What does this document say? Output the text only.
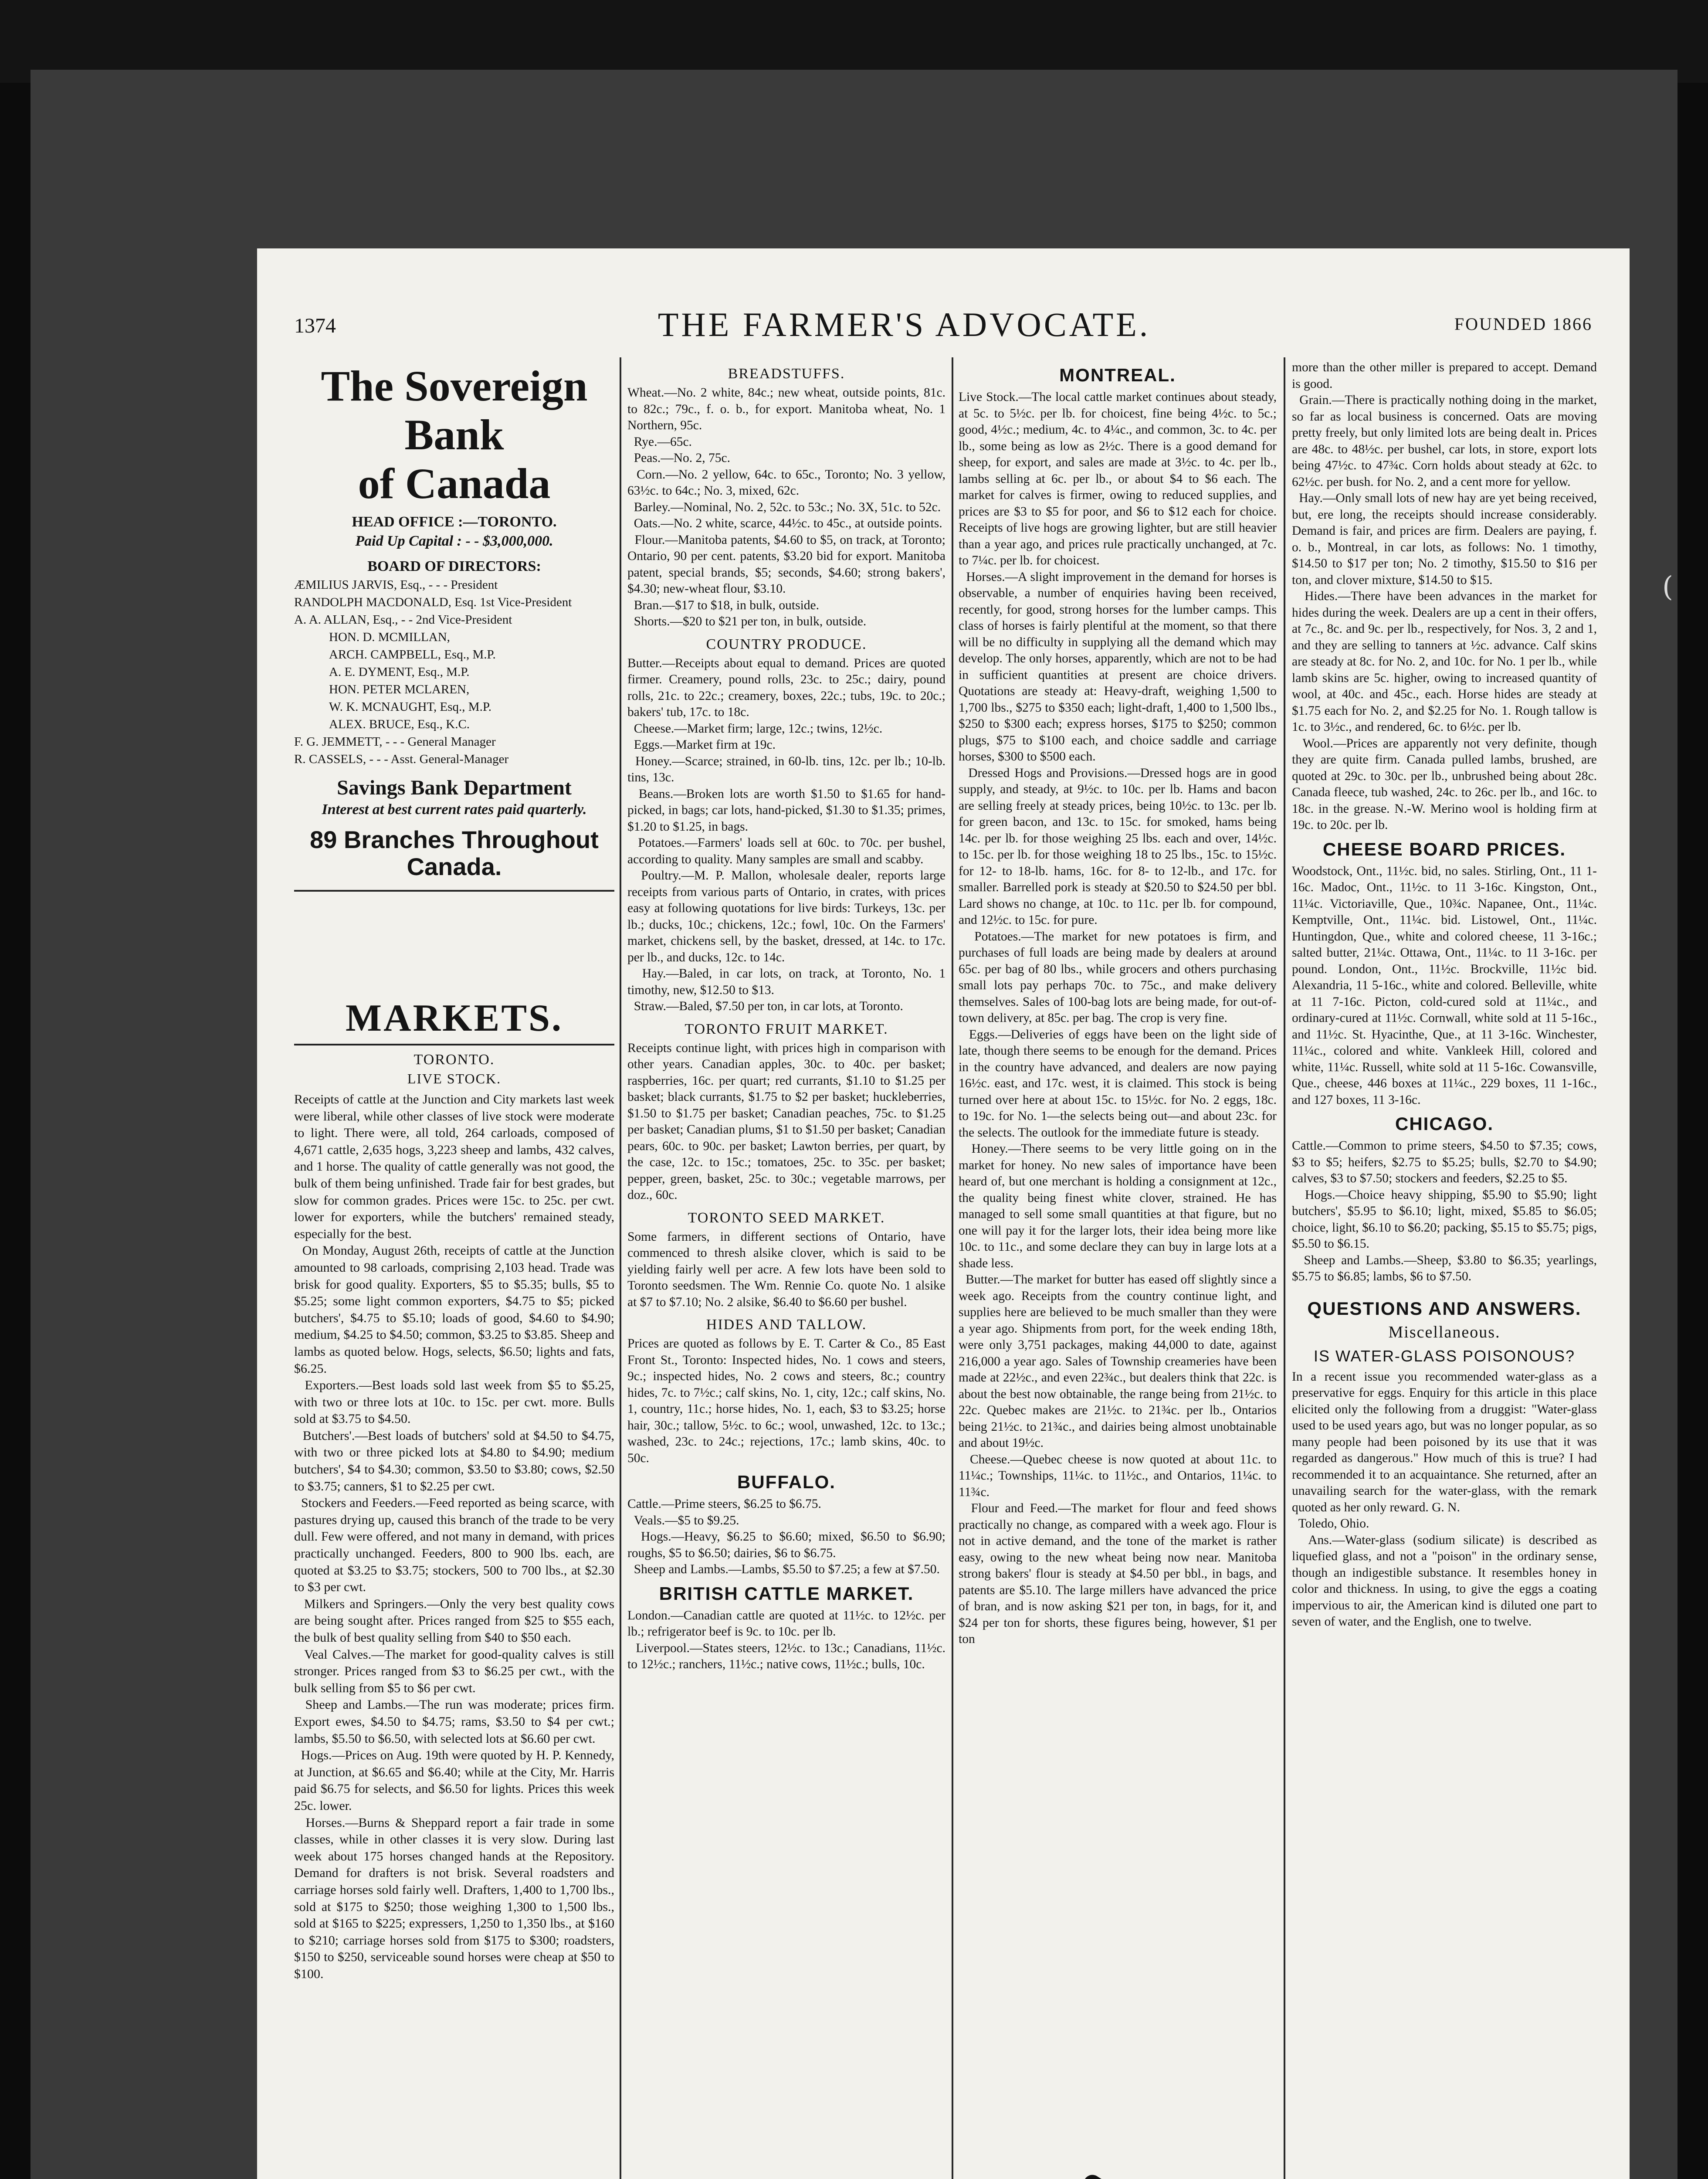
1374	THE FARMER'S ADVOCATE.	FOUNDED 1866
The Sovereign Bank
of Canada
HEAD OFFICE :—TORONTO.
Paid Up Capital : - - $3,000,000.
BOARD OF DIRECTORS:
ÆMILIUS JARVIS, Esq., - - - President
RANDOLPH MACDONALD, Esq. 1st Vice-President
A. A. ALLAN, Esq., - - 2nd Vice-President
HON. D. MCMILLAN,
ARCH. CAMPBELL, Esq., M.P.
A. E. DYMENT, Esq., M.P.
HON. PETER MCLAREN,
W. K. MCNAUGHT, Esq., M.P.
ALEX. BRUCE, Esq., K.C.
F. G. JEMMETT, - - - General Manager
R. CASSELS, - - - Asst. General-Manager
Savings Bank Department
Interest at best current rates paid quarterly.
89 Branches Throughout Canada.
MARKETS.
TORONTO.
LIVE STOCK.

Receipts of cattle at the Junction and City markets last week were liberal, while other classes of live stock were moderate to light. There were, all told, 264 carloads, composed of 4,671 cattle, 2,635 hogs, 3,223 sheep and lambs, 432 calves, and 1 horse. The quality of cattle generally was not good, the bulk of them being unfinished. Trade fair for best grades, but slow for common grades. Prices were 15c. to 25c. per cwt. lower for exporters, while the butchers' remained steady, especially for the best.
On Monday, August 26th, receipts of cattle at the Junction amounted to 98 carloads, comprising 2,103 head. Trade was brisk for good quality. Exporters, $5 to $5.35; bulls, $5 to $5.25; some light common exporters, $4.75 to $5; picked butchers', $4.75 to $5.10; loads of good, $4.60 to $4.90; medium, $4.25 to $4.50; common, $3.25 to $3.85. Sheep and lambs as quoted below. Hogs, selects, $6.50; lights and fats, $6.25.
Exporters.—Best loads sold last week from $5 to $5.25, with two or three lots at 10c. to 15c. per cwt. more. Bulls sold at $3.75 to $4.50.
Butchers'.—Best loads of butchers' sold at $4.50 to $4.75, with two or three picked lots at $4.80 to $4.90; medium butchers', $4 to $4.30; common, $3.50 to $3.80; cows, $2.50 to $3.75; canners, $1 to $2.25 per cwt.
Stockers and Feeders.—Feed reported as being scarce, with pastures drying up, caused this branch of the trade to be very dull. Few were offered, and not many in demand, with prices practically unchanged. Feeders, 800 to 900 lbs. each, are quoted at $3.25 to $3.75; stockers, 500 to 700 lbs., at $2.30 to $3 per cwt.
Milkers and Springers.—Only the very best quality cows are being sought after. Prices ranged from $25 to $55 each, the bulk of best quality selling from $40 to $50 each.
Veal Calves.—The market for good-quality calves is still stronger. Prices ranged from $3 to $6.25 per cwt., with the bulk selling from $5 to $6 per cwt.
Sheep and Lambs.—The run was moderate; prices firm. Export ewes, $4.50 to $4.75; rams, $3.50 to $4 per cwt.; lambs, $5.50 to $6.50, with selected lots at $6.60 per cwt.
Hogs.—Prices on Aug. 19th were quoted by H. P. Kennedy, at Junction, at $6.65 and $6.40; while at the City, Mr. Harris paid $6.75 for selects, and $6.50 for lights. Prices this week 25c. lower.
Horses.—Burns & Sheppard report a fair trade in some classes, while in other classes it is very slow. During last week about 175 horses changed hands at the Repository. Demand for drafters is not brisk. Several roadsters and carriage horses sold fairly well. Drafters, 1,400 to 1,700 lbs., sold at $175 to $250; those weighing 1,300 to 1,500 lbs., sold at $165 to $225; expressers, 1,250 to 1,350 lbs., at $160 to $210; carriage horses sold from $175 to $300; roadsters, $150 to $250, serviceable sound horses were cheap at $50 to $100.

BREADSTUFFS.

Wheat.—No. 2 white, 84c.; new wheat, outside points, 81c. to 82c.; 79c., f. o. b., for export. Manitoba wheat, No. 1 Northern, 95c.
Rye.—65c.
Peas.—No. 2, 75c.
Corn.—No. 2 yellow, 64c. to 65c., Toronto; No. 3 yellow, 63½c. to 64c.; No. 3, mixed, 62c.
Barley.—Nominal, No. 2, 52c. to 53c.; No. 3X, 51c. to 52c.
Oats.—No. 2 white, scarce, 44½c. to 45c., at outside points.
Flour.—Manitoba patents, $4.60 to $5, on track, at Toronto; Ontario, 90 per cent. patents, $3.20 bid for export. Manitoba patent, special brands, $5; seconds, $4.60; strong bakers', $4.30; new-wheat flour, $3.10.
Bran.—$17 to $18, in bulk, outside.
Shorts.—$20 to $21 per ton, in bulk, outside.

COUNTRY PRODUCE.

Butter.—Receipts about equal to demand. Prices are quoted firmer. Creamery, pound rolls, 23c. to 25c.; dairy, pound rolls, 21c. to 22c.; creamery, boxes, 22c.; tubs, 19c. to 20c.; bakers' tub, 17c. to 18c.
Cheese.—Market firm; large, 12c.; twins, 12½c.
Eggs.—Market firm at 19c.
Honey.—Scarce; strained, in 60-lb. tins, 12c. per lb.; 10-lb. tins, 13c.
Beans.—Broken lots are worth $1.50 to $1.65 for hand-picked, in bags; car lots, hand-picked, $1.30 to $1.35; primes, $1.20 to $1.25, in bags.
Potatoes.—Farmers' loads sell at 60c. to 70c. per bushel, according to quality. Many samples are small and scabby.
Poultry.—M. P. Mallon, wholesale dealer, reports large receipts from various parts of Ontario, in crates, with prices easy at following quotations for live birds: Turkeys, 13c. per lb.; ducks, 10c.; chickens, 12c.; fowl, 10c. On the Farmers' market, chickens sell, by the basket, dressed, at 14c. to 17c. per lb., and ducks, 12c. to 14c.
Hay.—Baled, in car lots, on track, at Toronto, No. 1 timothy, new, $12.50 to $13.
Straw.—Baled, $7.50 per ton, in car lots, at Toronto.

TORONTO FRUIT MARKET.

Receipts continue light, with prices high in comparison with other years. Canadian apples, 30c. to 40c. per basket; raspberries, 16c. per quart; red currants, $1.10 to $1.25 per basket; black currants, $1.75 to $2 per basket; huckleberries, $1.50 to $1.75 per basket; Canadian peaches, 75c. to $1.25 per basket; Canadian plums, $1 to $1.50 per basket; Canadian pears, 60c. to 90c. per basket; Lawton berries, per quart, by the case, 12c. to 15c.; tomatoes, 25c. to 35c. per basket; pepper, green, basket, 25c. to 30c.; vegetable marrows, per doz., 60c.

TORONTO SEED MARKET.

Some farmers, in different sections of Ontario, have commenced to thresh alsike clover, which is said to be yielding fairly well per acre. A few lots have been sold to Toronto seedsmen. The Wm. Rennie Co. quote No. 1 alsike at $7 to $7.10; No. 2 alsike, $6.40 to $6.60 per bushel.

HIDES AND TALLOW.

Prices are quoted as follows by E. T. Carter & Co., 85 East Front St., Toronto: Inspected hides, No. 1 cows and steers, 9c.; inspected hides, No. 2 cows and steers, 8c.; country hides, 7c. to 7½c.; calf skins, No. 1, city, 12c.; calf skins, No. 1, country, 11c.; horse hides, No. 1, each, $3 to $3.25; horse hair, 30c.; tallow, 5½c. to 6c.; wool, unwashed, 12c. to 13c.; washed, 23c. to 24c.; rejections, 17c.; lamb skins, 40c. to 50c.

BUFFALO.

Cattle.—Prime steers, $6.25 to $6.75.
Veals.—$5 to $9.25.
Hogs.—Heavy, $6.25 to $6.60; mixed, $6.50 to $6.90; roughs, $5 to $6.50; dairies, $6 to $6.75.
Sheep and Lambs.—Lambs, $5.50 to $7.25; a few at $7.50.

BRITISH CATTLE MARKET.

London.—Canadian cattle are quoted at 11½c. to 12½c. per lb.; refrigerator beef is 9c. to 10c. per lb.
Liverpool.—States steers, 12½c. to 13c.; Canadians, 11½c. to 12½c.; ranchers, 11½c.; native cows, 11½c.; bulls, 10c.

MONTREAL.

Live Stock.—The local cattle market continues about steady, at 5c. to 5½c. per lb. for choicest, fine being 4½c. to 5c.; good, 4½c.; medium, 4c. to 4¼c., and common, 3c. to 4c. per lb., some being as low as 2½c. There is a good demand for sheep, for export, and sales are made at 3½c. to 4c. per lb., lambs selling at 6c. per lb., or about $4 to $6 each. The market for calves is firmer, owing to reduced supplies, and prices are $3 to $5 for poor, and $6 to $12 each for choice. Receipts of live hogs are growing lighter, but are still heavier than a year ago, and prices rule practically unchanged, at 7c. to 7¼c. per lb. for choicest.
Horses.—A slight improvement in the demand for horses is observable, a number of enquiries having been received, recently, for good, strong horses for the lumber camps. This class of horses is fairly plentiful at the moment, so that there will be no difficulty in supplying all the demand which may develop. The only horses, apparently, which are not to be had in sufficient quantities at present are choice drivers. Quotations are steady at: Heavy-draft, weighing 1,500 to 1,700 lbs., $275 to $350 each; light-draft, 1,400 to 1,500 lbs., $250 to $300 each; express horses, $175 to $250; common plugs, $75 to $100 each, and choice saddle and carriage horses, $300 to $500 each.
Dressed Hogs and Provisions.—Dressed hogs are in good supply, and steady, at 9½c. to 10c. per lb. Hams and bacon are selling freely at steady prices, being 10½c. to 13c. per lb. for green bacon, and 13c. to 15c. for smoked, hams being 14c. per lb. for those weighing 25 lbs. each and over, 14½c. to 15c. per lb. for those weighing 18 to 25 lbs., 15c. to 15½c. for 12- to 18-lb. hams, 16c. for 8- to 12-lb., and 17c. for smaller. Barrelled pork is steady at $20.50 to $24.50 per bbl. Lard shows no change, at 10c. to 11c. per lb. for compound, and 12½c. to 15c. for pure.
Potatoes.—The market for new potatoes is firm, and purchases of full loads are being made by dealers at around 65c. per bag of 80 lbs., while grocers and others purchasing small lots pay perhaps 70c. to 75c., and make delivery themselves. Sales of 100-bag lots are being made, for out-of-town delivery, at 85c. per bag. The crop is very fine.
Eggs.—Deliveries of eggs have been on the light side of late, though there seems to be enough for the demand. Prices in the country have advanced, and dealers are now paying 16½c. east, and 17c. west, it is claimed. This stock is being turned over here at about 15c. to 15½c. for No. 2 eggs, 18c. to 19c. for No. 1—the selects being out—and about 23c. for the selects. The outlook for the immediate future is steady.
Honey.—There seems to be very little going on in the market for honey. No new sales of importance have been heard of, but one merchant is holding a consignment at 12c., the quality being finest white clover, strained. He has managed to sell some small quantities at that figure, but no one will pay it for the larger lots, their idea being more like 10c. to 11c., and some declare they can buy in large lots at a shade less.
Butter.—The market for butter has eased off slightly since a week ago. Receipts from the country continue light, and supplies here are believed to be much smaller than they were a year ago. Shipments from port, for the week ending 18th, were only 3,751 packages, making 44,000 to date, against 216,000 a year ago. Sales of Township creameries have been made at 22½c., and even 22¾c., but dealers think that 22c. is about the best now obtainable, the range being from 21½c. to 22c. Quebec makes are 21½c. to 21¾c. per lb., Ontarios being 21½c. to 21¾c., and dairies being almost unobtainable and about 19½c.
Cheese.—Quebec cheese is now quoted at about 11c. to 11¼c.; Townships, 11¼c. to 11½c., and Ontarios, 11¼c. to 11¾c.
Flour and Feed.—The market for flour and feed shows practically no change, as compared with a week ago. Flour is not in active demand, and the tone of the market is rather easy, owing to the new wheat being now near. Manitoba strong bakers' flour is steady at $4.50 per bbl., in bags, and patents are $5.10. The large millers have advanced the price of bran, and is now asking $21 per ton, in bags, for it, and $24 per ton for shorts, these figures being, however, $1 per ton

more than the other miller is prepared to accept. Demand is good.
Grain.—There is practically nothing doing in the market, so far as local business is concerned. Oats are moving pretty freely, but only limited lots are being dealt in. Prices are 48c. to 48½c. per bushel, car lots, in store, export lots being 47½c. to 47¾c. Corn holds about steady at 62c. to 62½c. per bush. for No. 2, and a cent more for yellow.
Hay.—Only small lots of new hay are yet being received, but, ere long, the receipts should increase considerably. Demand is fair, and prices are firm. Dealers are paying, f. o. b., Montreal, in car lots, as follows: No. 1 timothy, $14.50 to $17 per ton; No. 2 timothy, $15.50 to $16 per ton, and clover mixture, $14.50 to $15.
Hides.—There have been advances in the market for hides during the week. Dealers are up a cent in their offers, at 7c., 8c. and 9c. per lb., respectively, for Nos. 3, 2 and 1, and they are selling to tanners at ½c. advance. Calf skins are steady at 8c. for No. 2, and 10c. for No. 1 per lb., while lamb skins are 5c. higher, owing to increased quantity of wool, at 40c. and 45c., each. Horse hides are steady at $1.75 each for No. 2, and $2.25 for No. 1. Rough tallow is 1c. to 3½c., and rendered, 6c. to 6½c. per lb.
Wool.—Prices are apparently not very definite, though they are quite firm. Canada pulled lambs, brushed, are quoted at 29c. to 30c. per lb., unbrushed being about 28c. Canada fleece, tub washed, 24c. to 26c. per lb., and 16c. to 18c. in the grease. N.-W. Merino wool is holding firm at 19c. to 20c. per lb.

CHEESE BOARD PRICES.

Woodstock, Ont., 11½c. bid, no sales. Stirling, Ont., 11 1-16c. Madoc, Ont., 11½c. to 11 3-16c. Kingston, Ont., 11¼c. Victoriaville, Que., 10¾c. Napanee, Ont., 11¼c. Kemptville, Ont., 11¼c. bid. Listowel, Ont., 11¼c. Huntingdon, Que., white and colored cheese, 11 3-16c.; salted butter, 21¼c. Ottawa, Ont., 11¼c. to 11 3-16c. per pound. London, Ont., 11½c. Brockville, 11½c bid. Alexandria, 11 5-16c., white and colored. Belleville, white at 11 7-16c. Picton, cold-cured sold at 11¼c., and ordinary-cured at 11½c. Cornwall, white sold at 11 5-16c., and 11½c. St. Hyacinthe, Que., at 11 3-16c. Winchester, 11¼c., colored and white. Vankleek Hill, colored and white, 11¼c. Russell, white sold at 11 5-16c. Cowansville, Que., cheese, 446 boxes at 11¼c., 229 boxes, 11 1-16c., and 127 boxes, 11 3-16c.

CHICAGO.

Cattle.—Common to prime steers, $4.50 to $7.35; cows, $3 to $5; heifers, $2.75 to $5.25; bulls, $2.70 to $4.90; calves, $3 to $7.50; stockers and feeders, $2.25 to $5.
Hogs.—Choice heavy shipping, $5.90 to $5.90; light butchers', $5.95 to $6.10; light, mixed, $5.85 to $6.05; choice, light, $6.10 to $6.20; packing, $5.15 to $5.75; pigs, $5.50 to $6.15.
Sheep and Lambs.—Sheep, $3.80 to $6.35; yearlings, $5.75 to $6.85; lambs, $6 to $7.50.

QUESTIONS AND ANSWERS.
Miscellaneous.
IS WATER-GLASS POISONOUS?

In a recent issue you recommended water-glass as a preservative for eggs. Enquiry for this article in this place elicited only the following from a druggist: "Water-glass used to be used years ago, but was no longer popular, as so many people had been poisoned by its use that it was regarded as dangerous." How much of this is true? I had recommended it to an acquaintance. She returned, after an unavailing search for the water-glass, with the remark quoted as her only reward. G. N.
Toledo, Ohio.
Ans.—Water-glass (sodium silicate) is described as liquefied glass, and not a "poison" in the ordinary sense, though an indigestible substance. It resembles honey in color and thickness. In using, to give the eggs a coating impervious to air, the American kind is diluted one part to seven of water, and the English, one to twelve.

(
